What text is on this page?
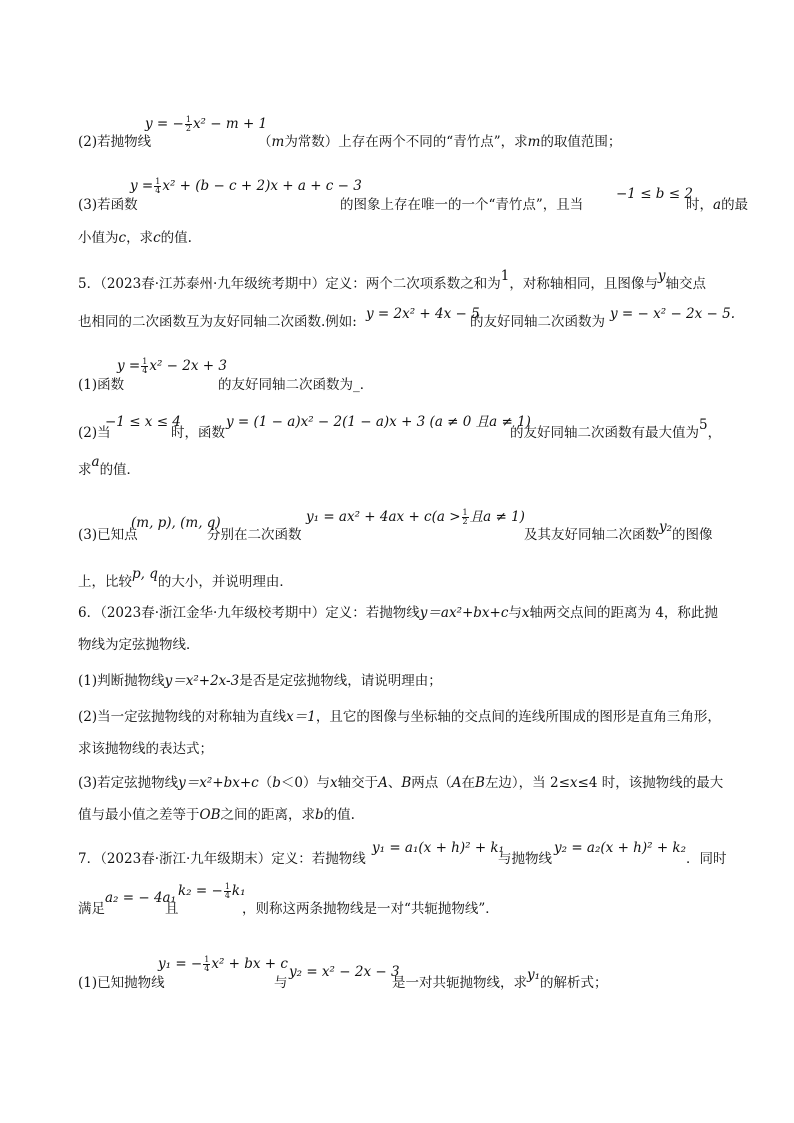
y = − $\frac{1}{2} x^2 - m + 1$
(2)若抛物线	（m为常数）上存在两个不同的“青竹点”，求m的取值范围；
$y = \frac{1}{4} x^2 + (b - c + 2)x + a + c - 3$
(3)若函数	的图象上存在唯一的一个“青竹点”，且当
−1 ≤ b ≤ 2
时，a的最
小值为c，求c的值.
5．（2023春·江苏泰州·九年级统考期中）定义：两个二次项系数之和为1，对称轴相同，且图像与y轴交点
也相同的二次函数互为友好同轴二次函数.例如: y = 2x² + 4x − 5
的友好同轴二次函数为 y = − x² − 2x − 5.
$y = \frac{1}{4} x^2 - 2x + 3$
(1)函数	的友好同轴二次函数为_．
(2)当
−1 ≤ x ≤ 4
时，函数
y = (1 − a)x² − 2(1 − a)x + 3 (a ≠ 0 且a ≠ 1)
的友好同轴二次函数有最大值为5，
求a的值．
(3)已知点
(m, p), (m, q)
分别在二次函数
$y_1 = ax^2 + 4ax + c(a > \frac{1}{2}$ 且a ≠ 1)
及其友好同轴二次函数y₂的图像
上，比较p, q的大小，并说明理由．
6．（2023春·浙江金华·九年级校考期中）定义：若抛物线y＝ax²+bx+c与x轴两交点间的距离为 4，称此抛
物线为定弦抛物线．
(1)判断抛物线y＝x²+2x-3是否是定弦抛物线，请说明理由；
(2)当一定弦抛物线的对称轴为直线x＝1，且它的图像与坐标轴的交点间的连线所围成的图形是直角三角形，
求该抛物线的表达式；
(3)若定弦抛物线y＝x²+bx+c（b＜0）与x轴交于A、B两点（A在B左边），当 2≤x≤4 时，该抛物线的最大
值与最小值之差等于OB之间的距离，求b的值.
7．（2023春·浙江·九年级期末）定义：若抛物线
y₁ = a₁(x + h)² + k₁
与抛物线
y₂ = a₂(x + h)² + k₂
．同时
满足
a₂ = − 4a₁
且
k₂ = − $\frac{1}{4} k_1$
，则称这两条抛物线是一对“共轭抛物线”．
y₁ = − $\frac{1}{4} x^2$ + bx + c
(1)已知抛物线	与
y₂ = x² − 2x − 3
是一对共轭抛物线，求y₁的解析式；
